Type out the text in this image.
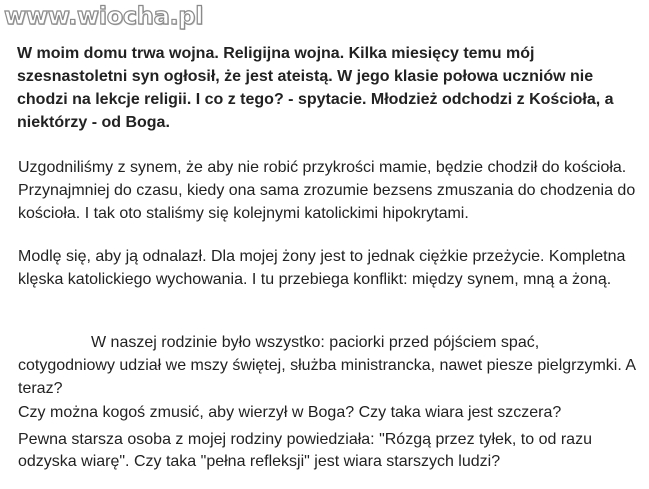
www.wiocha.pl

W moim domu trwa wojna. Religijna wojna. Kilka miesięcy temu mój szesnastoletni syn ogłosił, że jest ateistą. W jego klasie połowa uczniów nie chodzi na lekcje religii. I co z tego? - spytacie. Młodzież odchodzi z Kościoła, a niektórzy - od Boga.

Uzgodniliśmy z synem, że aby nie robić przykrości mamie, będzie chodził do kościoła. Przynajmniej do czasu, kiedy ona sama zrozumie bezsens zmuszania do chodzenia do kościoła. I tak oto staliśmy się kolejnymi katolickimi hipokrytami.

Modlę się, aby ją odnalazł. Dla mojej żony jest to jednak ciężkie przeżycie. Kompletna klęska katolickiego wychowania. I tu przebiega konflikt: między synem, mną a żoną.

W naszej rodzinie było wszystko: paciorki przed pójściem spać, cotygodniowy udział we mszy świętej, służba ministrancka, nawet piesze pielgrzymki. A teraz?

Czy można kogoś zmusić, aby wierzył w Boga? Czy taka wiara jest szczera?

Pewna starsza osoba z mojej rodziny powiedziała: "Rózgą przez tyłek, to od razu odzyska wiarę". Czy taka "pełna refleksji" jest wiara starszych ludzi?
